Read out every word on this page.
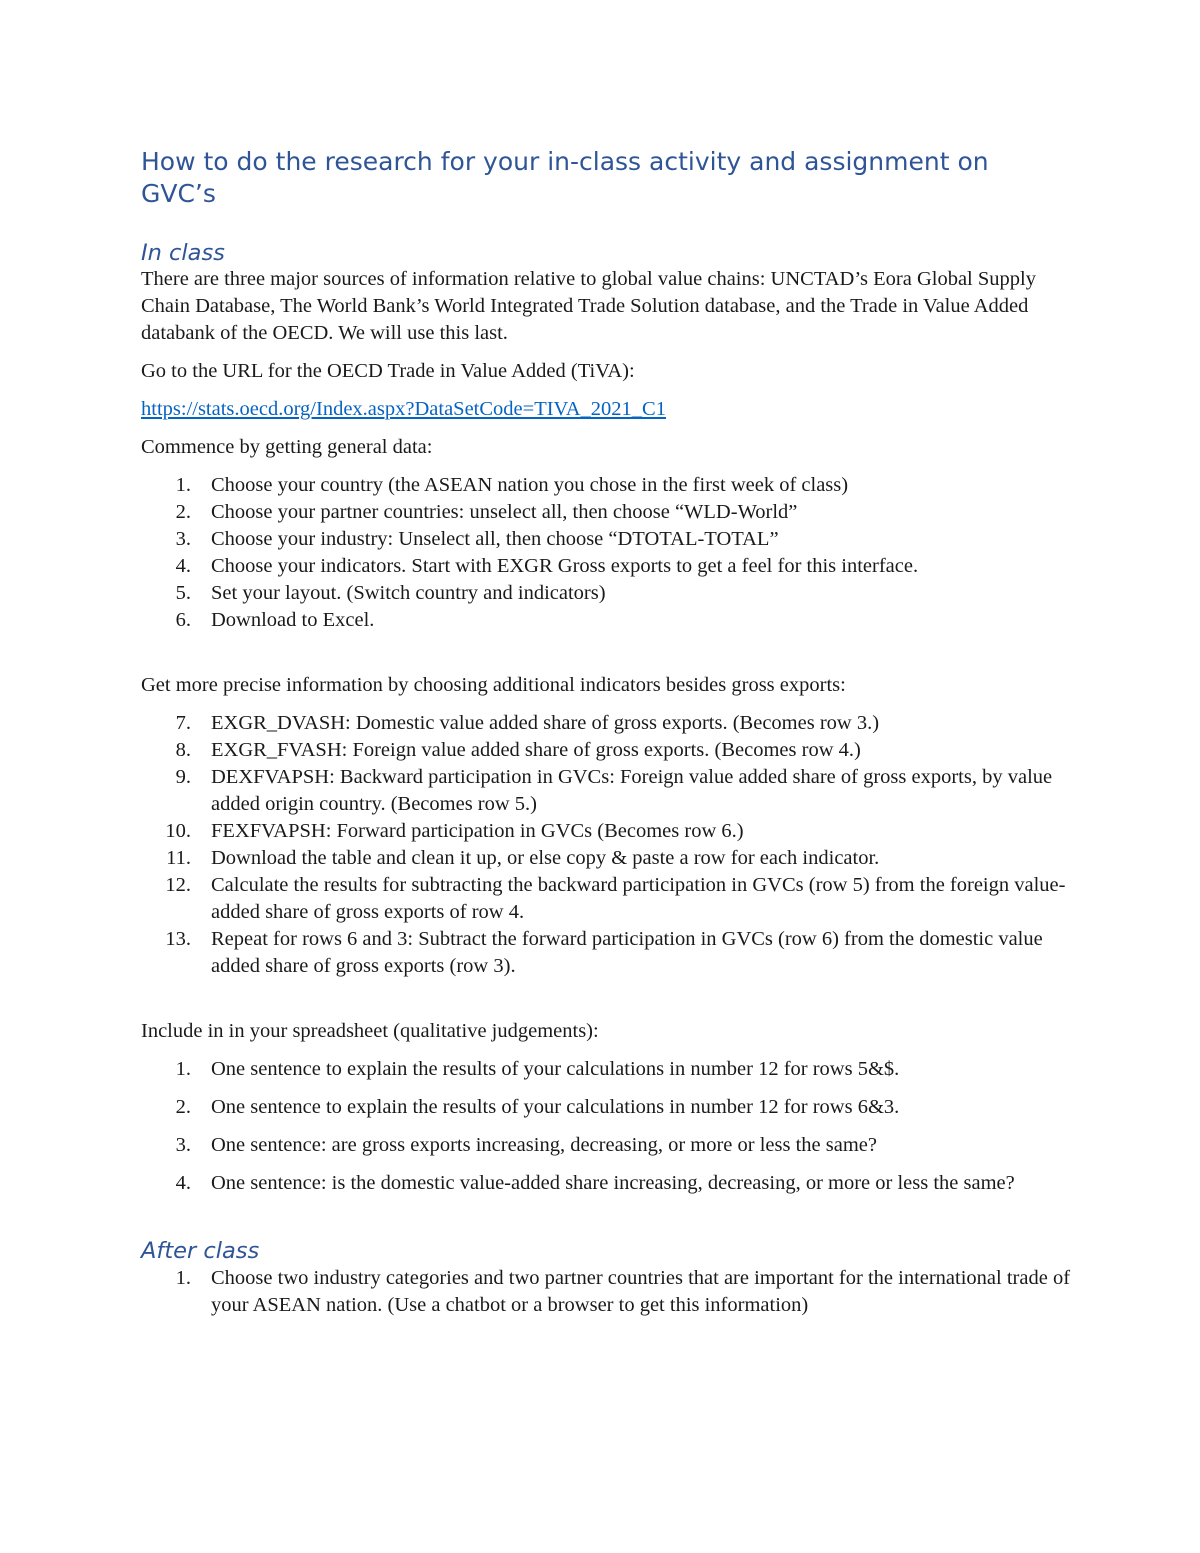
How to do the research for your in-class activity and assignment on GVC’s
In class

There are three major sources of information relative to global value chains: UNCTAD’s Eora Global Supply Chain Database, The World Bank’s World Integrated Trade Solution database, and the Trade in Value Added databank of the OECD. We will use this last.

Go to the URL for the OECD Trade in Value Added (TiVA):

https://stats.oecd.org/Index.aspx?DataSetCode=TIVA_2021_C1

Commence by getting general data:

1. Choose your country (the ASEAN nation you chose in the first week of class)
2. Choose your partner countries: unselect all, then choose “WLD-World”
3. Choose your industry: Unselect all, then choose “DTOTAL-TOTAL”
4. Choose your indicators. Start with EXGR Gross exports to get a feel for this interface.
5. Set your layout. (Switch country and indicators)
6. Download to Excel.

Get more precise information by choosing additional indicators besides gross exports:

7. EXGR_DVASH: Domestic value added share of gross exports. (Becomes row 3.)
8. EXGR_FVASH: Foreign value added share of gross exports. (Becomes row 4.)
9. DEXFVAPSH: Backward participation in GVCs: Foreign value added share of gross exports, by value added origin country. (Becomes row 5.)
10. FEXFVAPSH: Forward participation in GVCs (Becomes row 6.)
11. Download the table and clean it up, or else copy & paste a row for each indicator.
12. Calculate the results for subtracting the backward participation in GVCs (row 5) from the foreign value-added share of gross exports of row 4.
13. Repeat for rows 6 and 3: Subtract the forward participation in GVCs (row 6) from the domestic value added share of gross exports (row 3).

Include in in your spreadsheet (qualitative judgements):

1. One sentence to explain the results of your calculations in number 12 for rows 5&$.
2. One sentence to explain the results of your calculations in number 12 for rows 6&3.
3. One sentence: are gross exports increasing, decreasing, or more or less the same?
4. One sentence: is the domestic value-added share increasing, decreasing, or more or less the same?
After class
1. Choose two industry categories and two partner countries that are important for the international trade of your ASEAN nation. (Use a chatbot or a browser to get this information)
